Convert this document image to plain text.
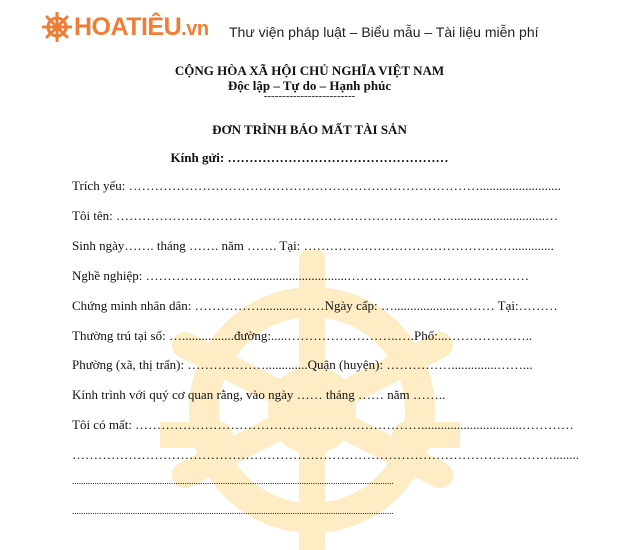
HOATIÊU.vn Thư viện pháp luật – Biểu mẫu – Tài liệu miễn phí
CỘNG HÒA XÃ HỘI CHỦ NGHĨA VIỆT NAM
Độc lập – Tự do – Hạnh phúc
-------------------------
ĐƠN TRÌNH BÁO MẤT TÀI SẢN
Kính gửi: ……………………………………………
Trích yếu: ……………………………………………………………………….........................
Tôi tên: ……………………………………………………………………............................…
Sinh ngày……. tháng ……. năm ……. Tại: ………………………………………….............
Nghề nghiệp: ……………………..............................……………………………………
Chứng minh nhân dân: ……………............……Ngày cấp: …...................……… Tại:………
Thường trú tại số: …................đường:.....……………………..….Phố:...………………..
Phường (xã, thị trấn): ……………….............Quận (huyện): ……………..............……...
Kính trình với quý cơ quan rằng, vào ngày …… tháng …… năm ……..
Tôi có mất: …………………………………………………………...............................…………
…………………………………………………………………………………………………........
...............................................................................................................................................
...............................................................................................................................................
